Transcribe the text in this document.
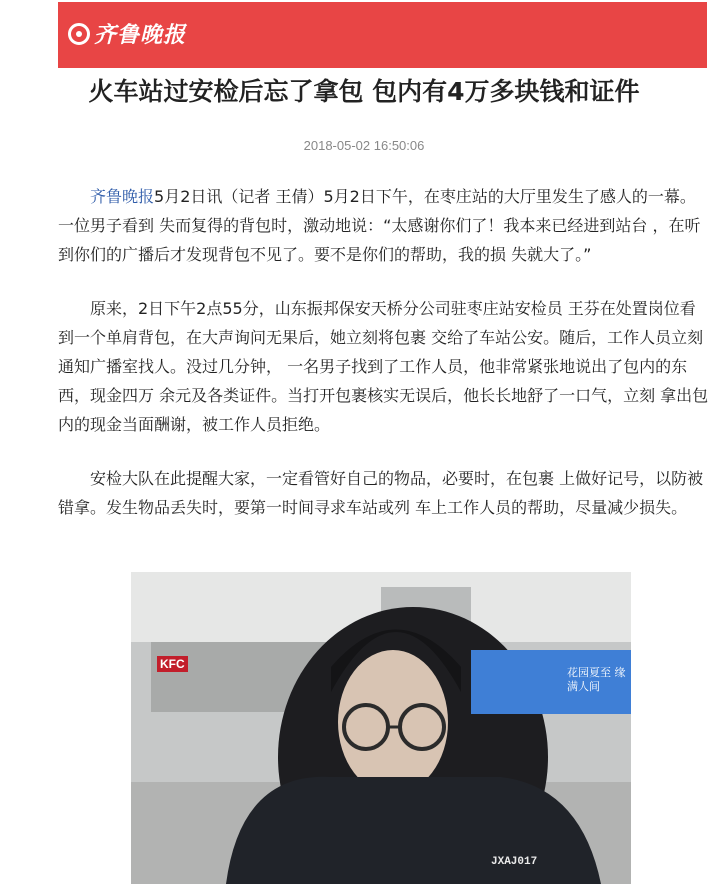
齐鲁晚报
火车站过安检后忘了拿包 包内有4万多块钱和证件
2018-05-02 16:50:06

齐鲁晚报5月2日讯（记者 王倩）5月2日下午，在枣庄站的大厅里发生了感人的一幕。一位男子看到 失而复得的背包时，激动地说：“太感谢你们了！我本来已经进到站台 ，在听到你们的广播后才发现背包不见了。要不是你们的帮助，我的损 失就大了。”

原来，2日下午2点55分，山东振邦保安天桥分公司驻枣庄站安检员 王芬在处置岗位看到一个单肩背包，在大声询问无果后，她立刻将包裹 交给了车站公安。随后，工作人员立刻通知广播室找人。没过几分钟， 一名男子找到了工作人员，他非常紧张地说出了包内的东西，现金四万 余元及各类证件。当打开包裹核实无误后，他长长地舒了一口气，立刻 拿出包内的现金当面酬谢，被工作人员拒绝。

安检大队在此提醒大家，一定看管好自己的物品，必要时，在包裹 上做好记号，以防被错拿。发生物品丢失时，要第一时间寻求车站或列 车上工作人员的帮助，尽量减少损失。

KFC
花园夏至 缘满人间
JXAJ017
